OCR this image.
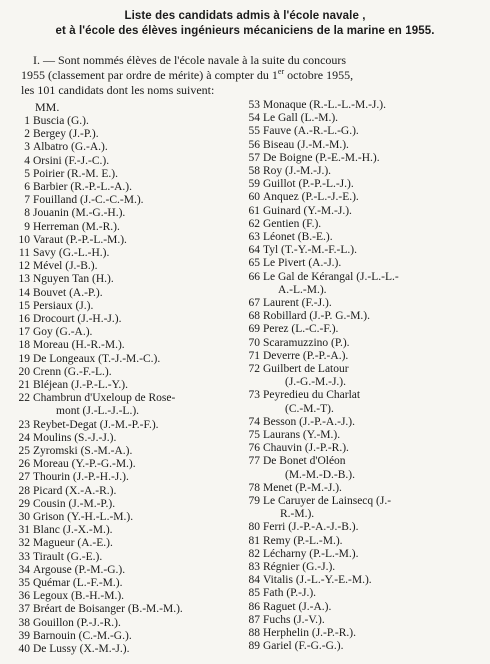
Liste des candidats admis à l'école navale ,
et à l'école des élèves ingénieurs mécaniciens de la marine en 1955.
I. — Sont nommés élèves de l'école navale à la suite du concours
1955 (classement par ordre de mérite) à compter du 1er octobre 1955,
les 101 candidats dont les noms suivent:
MM.
1 Buscia (G.).
2 Bergey (J.-P.).
3 Albatro (G.-A.).
4 Orsini (F.-J.-C.).
5 Poirier (R.-M. E.).
6 Barbier (R.-P.-L.-A.).
7 Fouilland (J.-C.-C.-M.).
8 Jouanin (M.-G.-H.).
9 Herreman (M.-R.).
10 Varaut (P.-P.-L.-M.).
11 Savy (G.-L.-H.).
12 Mével (J.-B.).
13 Nguyen Tan (H.).
14 Bouvet (A.-P.).
15 Persiaux (J.).
16 Drocourt (J.-H.-J.).
17 Goy (G.-A.).
18 Moreau (H.-R.-M.).
19 De Longeaux (T.-J.-M.-C.).
20 Crenn (G.-F.-L.).
21 Bléjean (J.-P.-L.-Y.).
22 Chambrun d'Uxeloup de Rose-
mont (J.-L.-J.-L.).
23 Reybet-Degat (J.-M.-P.-F.).
24 Moulins (S.-J.-J.).
25 Zyromski (S.-M.-A.).
26 Moreau (Y.-P.-G.-M.).
27 Thourin (J.-P.-H.-J.).
28 Picard (X.-A.-R.).
29 Cousin (J.-M.-P.).
30 Grison (Y.-H.-L.-M.).
31 Blanc (J.-X.-M.).
32 Magueur (A.-E.).
33 Tirault (G.-E.).
34 Argouse (P.-M.-G.).
35 Quémar (L.-F.-M.).
36 Legoux (B.-H.-M.).
37 Bréart de Boisanger (B.-M.-M.).
38 Gouillon (P.-J.-R.).
39 Barnouin (C.-M.-G.).
40 De Lussy (X.-M.-J.).
53 Monaque (R.-L.-L.-M.-J.).
54 Le Gall (L.-M.).
55 Fauve (A.-R.-L.-G.).
56 Biseau (J.-M.-M.).
57 De Boigne (P.-E.-M.-H.).
58 Roy (J.-M.-J.).
59 Guillot (P.-P.-L.-J.).
60 Anquez (P.-L.-J.-E.).
61 Guinard (Y.-M.-J.).
62 Gentien (F.).
63 Léonet (B.-E.).
64 Tyl (T.-Y.-M.-F.-L.).
65 Le Pivert (A.-J.).
66 Le Gal de Kérangal (J.-L.-L.-
A.-L.-M.).
67 Laurent (F.-J.).
68 Robillard (J.-P. G.-M.).
69 Perez (L.-C.-F.).
70 Scaramuzzino (P.).
71 Deverre (P.-P.-A.).
72 Guilbert de Latour
(J.-G.-M.-J.).
73 Peyredieu du Charlat
(C.-M.-T).
74 Besson (J.-P.-A.-J.).
75 Laurans (Y.-M.).
76 Chauvin (J.-P.-R.).
77 De Bonet d'Oléon
(M.-M.-D.-B.).
78 Menet (P.-M.-J.).
79 Le Caruyer de Lainsecq (J.-
R.-M.).
80 Ferri (J.-P.-A.-J.-B.).
81 Remy (P.-L.-M.).
82 Lécharny (P.-L.-M.).
83 Régnier (G.-J.).
84 Vitalis (J.-L.-Y.-E.-M.).
85 Fath (P.-J.).
86 Raguet (J.-A.).
87 Fuchs (J.-V.).
88 Herphelin (J.-P.-R.).
89 Gariel (F.-G.-G.).
